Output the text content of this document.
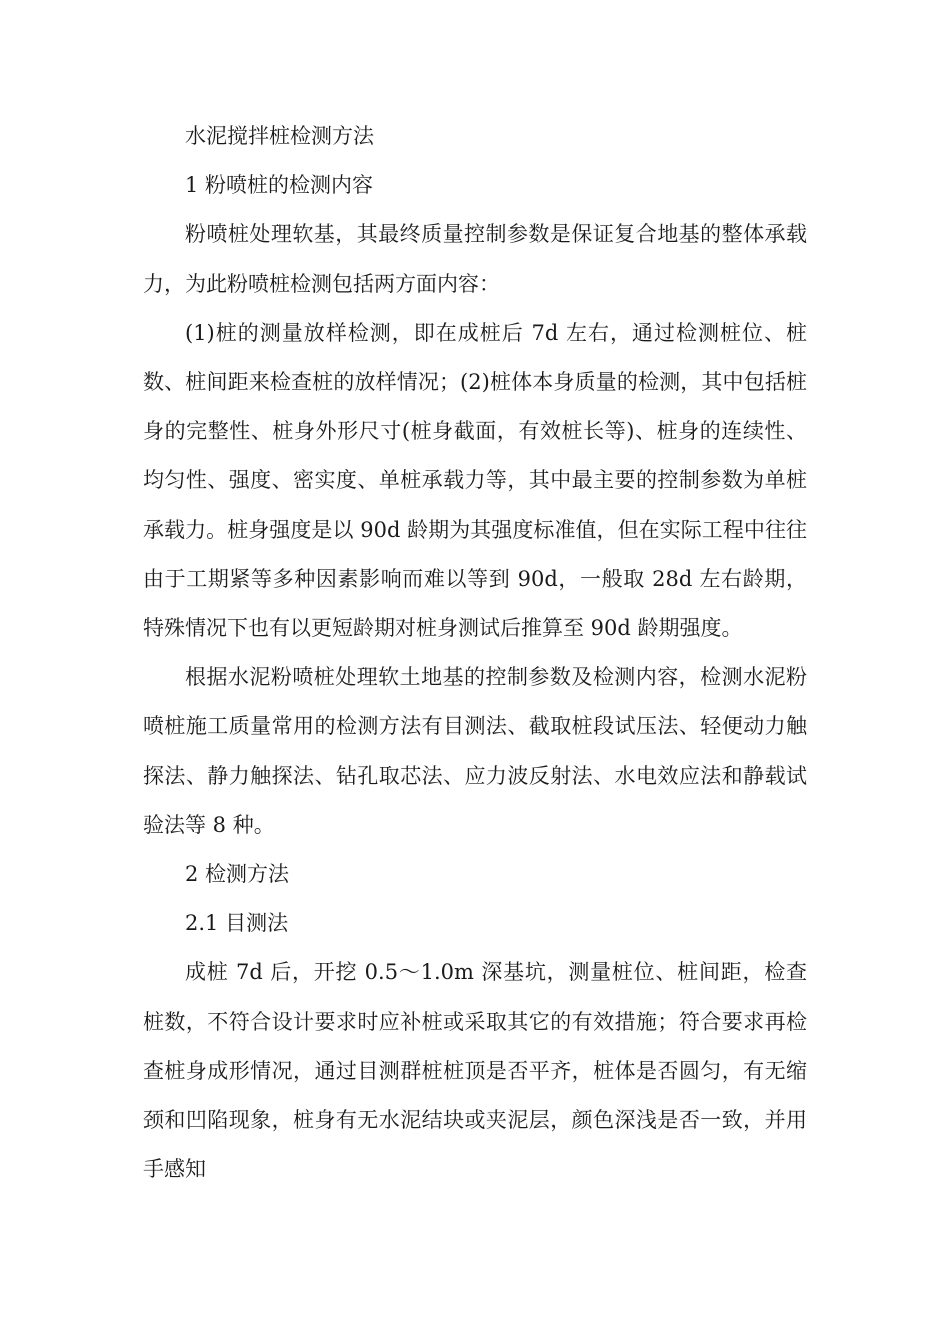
水泥搅拌桩检测方法

1 粉喷桩的检测内容

粉喷桩处理软基，其最终质量控制参数是保证复合地基的整体承载力，为此粉喷桩检测包括两方面内容：

(1)桩的测量放样检测，即在成桩后 7d 左右，通过检测桩位、桩数、桩间距来检查桩的放样情况；(2)桩体本身质量的检测，其中包括桩身的完整性、桩身外形尺寸(桩身截面，有效桩长等)、桩身的连续性、均匀性、强度、密实度、单桩承载力等，其中最主要的控制参数为单桩承载力。桩身强度是以 90d 龄期为其强度标准值，但在实际工程中往往由于工期紧等多种因素影响而难以等到 90d，一般取 28d 左右龄期，特殊情况下也有以更短龄期对桩身测试后推算至 90d 龄期强度。

根据水泥粉喷桩处理软土地基的控制参数及检测内容，检测水泥粉喷桩施工质量常用的检测方法有目测法、截取桩段试压法、轻便动力触探法、静力触探法、钻孔取芯法、应力波反射法、水电效应法和静载试验法等 8 种。

2 检测方法

2.1 目测法

成桩 7d 后，开挖 0.5～1.0m 深基坑，测量桩位、桩间距，检查桩数，不符合设计要求时应补桩或采取其它的有效措施；符合要求再检查桩身成形情况，通过目测群桩桩顶是否平齐，桩体是否圆匀，有无缩颈和凹陷现象，桩身有无水泥结块或夹泥层，颜色深浅是否一致，并用手感知
